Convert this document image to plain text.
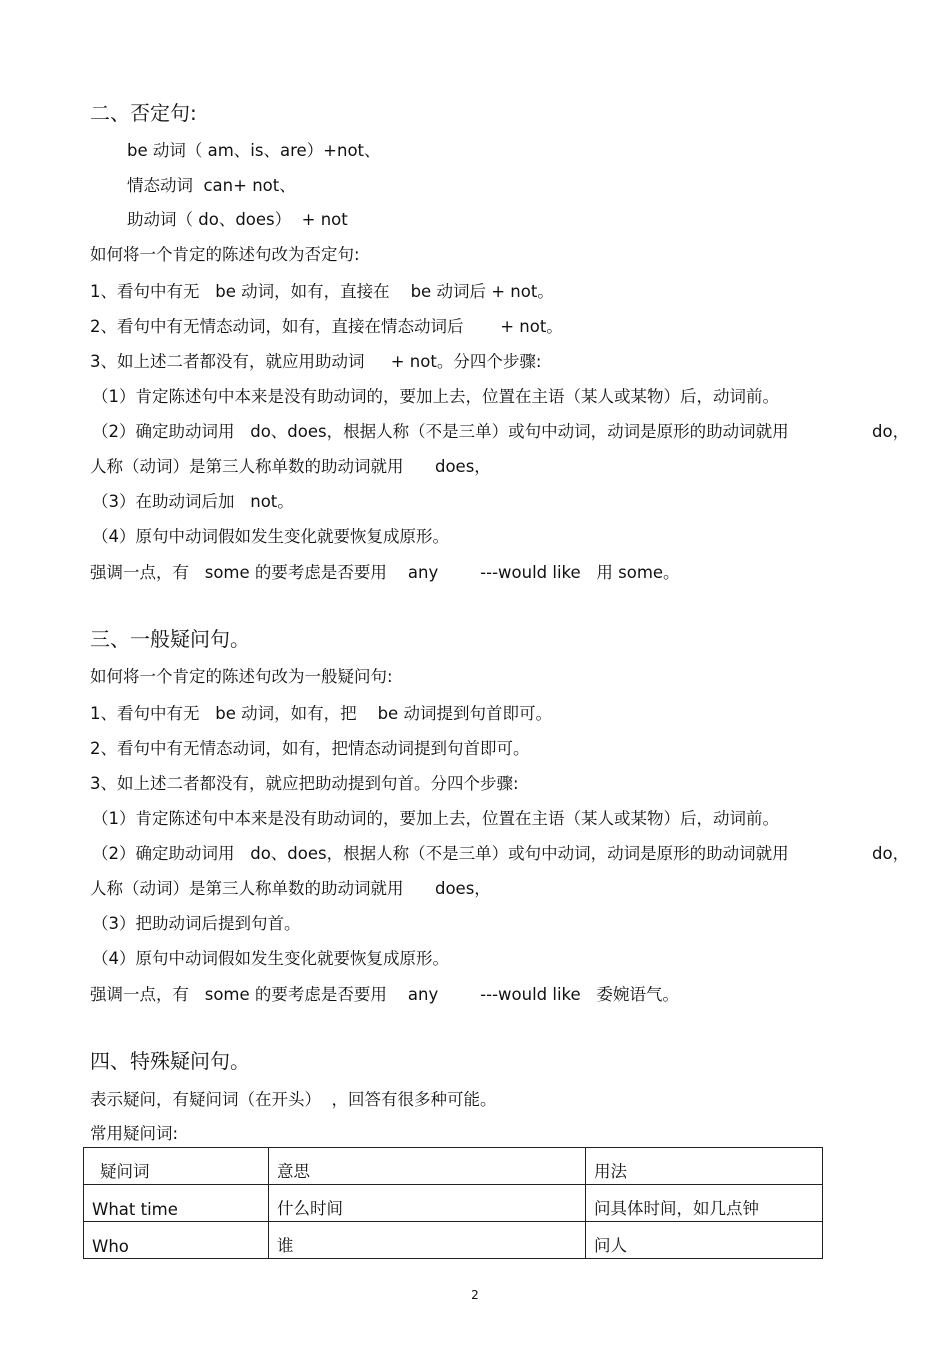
二、否定句:
be 动词（ am、is、are）+not、
情态动词  can+ not、
助动词（ do、does）  + not
如何将一个肯定的陈述句改为否定句:
1、看句中有无   be 动词，如有，直接在    be 动词后 + not。
2、看句中有无情态动词，如有，直接在情态动词后       + not。
3、如上述二者都没有，就应用助动词     + not。分四个步骤:
（1）肯定陈述句中本来是没有助动词的，要加上去，位置在主语（某人或某物）后，动词前。
（2）确定助动词用   do、does，根据人称（不是三单）或句中动词，动词是原形的助动词就用	do，
人称（动词）是第三人称单数的助动词就用      does，
（3）在助动词后加   not。
（4）原句中动词假如发生变化就要恢复成原形。
强调一点，有   some 的要考虑是否要用    any        ---would like   用 some。
三、一般疑问句。
如何将一个肯定的陈述句改为一般疑问句:
1、看句中有无   be 动词，如有，把    be 动词提到句首即可。
2、看句中有无情态动词，如有，把情态动词提到句首即可。
3、如上述二者都没有，就应把助动提到句首。分四个步骤:
（1）肯定陈述句中本来是没有助动词的，要加上去，位置在主语（某人或某物）后，动词前。
（2）确定助动词用   do、does，根据人称（不是三单）或句中动词，动词是原形的助动词就用	do，
人称（动词）是第三人称单数的助动词就用      does，
（3）把助动词后提到句首。
（4）原句中动词假如发生变化就要恢复成原形。
强调一点，有   some 的要考虑是否要用    any        ---would like   委婉语气。
四、特殊疑问句。
表示疑问，有疑问词（在开头）  ，回答有很多种可能。
常用疑问词:
疑问词	意思	用法
What time	什么时间	问具体时间，如几点钟
Who	谁	问人
2
